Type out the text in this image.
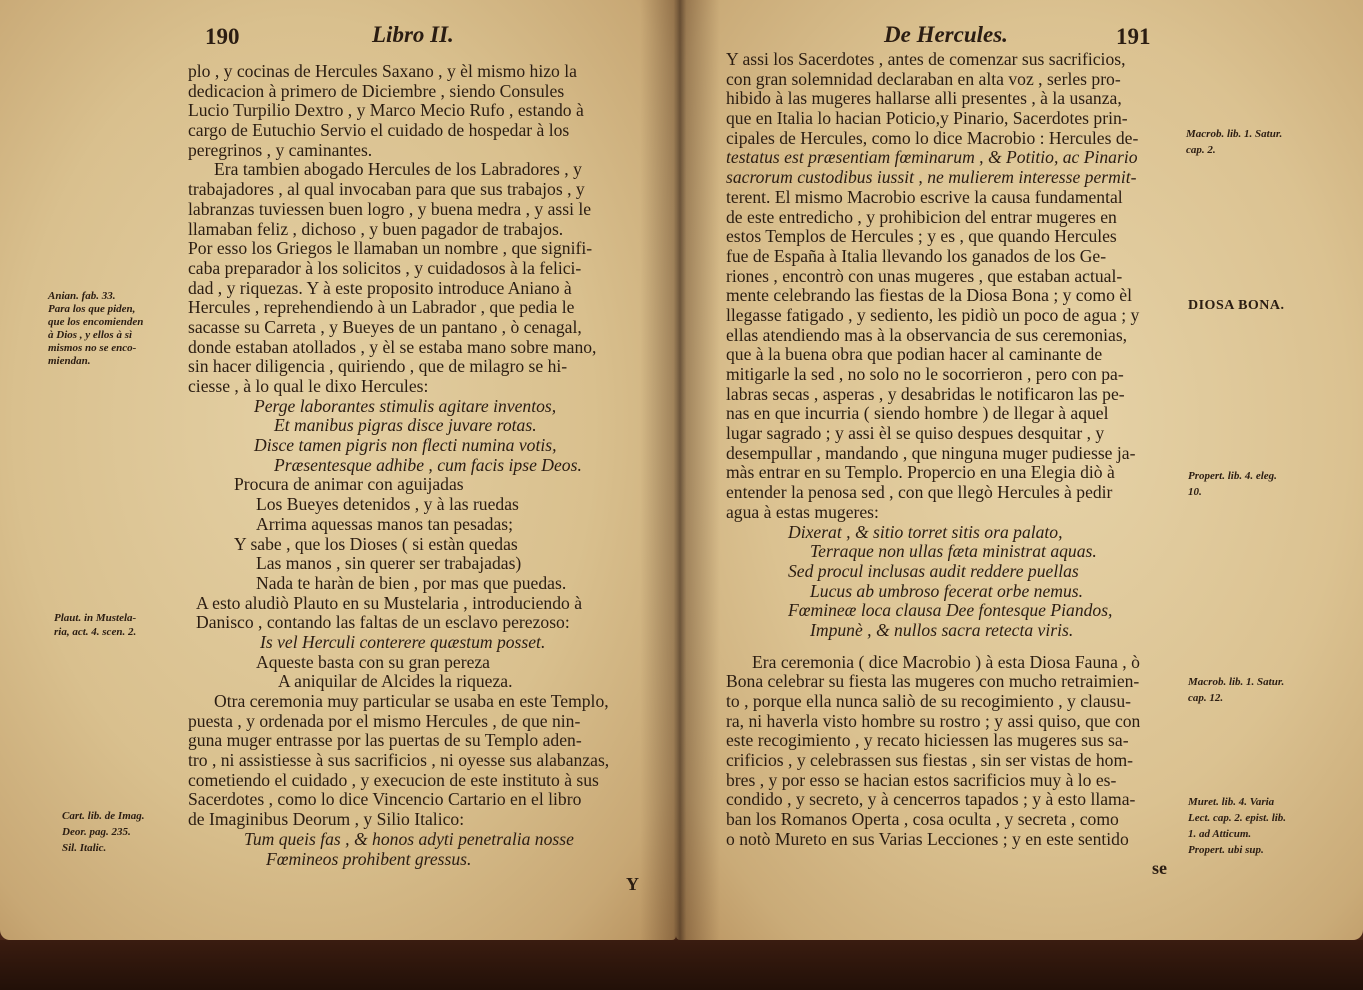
190	Libro II.
plo , y cocinas de Hercules Saxano , y èl mismo hizo la
dedicacion à primero de Diciembre , siendo Consules
Lucio Turpilio Dextro , y Marco Mecio Rufo , estando à
cargo de Eutuchio Servio el cuidado de hospedar à los
peregrinos , y caminantes.
Era tambien abogado Hercules de los Labradores , y
trabajadores , al qual invocaban para que sus trabajos , y
labranzas tuviessen buen logro , y buena medra , y assi le
llamaban feliz , dichoso , y buen pagador de trabajos.
Por esso los Griegos le llamaban un nombre , que signifi-
caba preparador à los solicitos , y cuidadosos à la felici-
dad , y riquezas. Y à este proposito introduce Aniano à
Hercules , reprehendiendo à un Labrador , que pedia le
sacasse su Carreta , y Bueyes de un pantano , ò cenagal,
donde estaban atollados , y èl se estaba mano sobre mano,
sin hacer diligencia , quiriendo , que de milagro se hi-
ciesse , à lo qual le dixo Hercules:
Perge laborantes stimulis agitare inventos,
Et manibus pigras disce juvare rotas.
Disce tamen pigris non flecti numina votis,
Præsentesque adhibe , cum facis ipse Deos.
Procura de animar con aguijadas
Los Bueyes detenidos , y à las ruedas
Arrima aquessas manos tan pesadas;
Y sabe , que los Dioses ( si estàn quedas
Las manos , sin querer ser trabajadas)
Nada te haràn de bien , por mas que puedas.
A esto aludiò Plauto en su Mustelaria , introduciendo à
Danisco , contando las faltas de un esclavo perezoso:
Is vel Herculi conterere quæstum posset.
Aqueste basta con su gran pereza
A aniquilar de Alcides la riqueza.
Otra ceremonia muy particular se usaba en este Templo,
puesta , y ordenada por el mismo Hercules , de que nin-
guna muger entrasse por las puertas de su Templo aden-
tro , ni assistiesse à sus sacrificios , ni oyesse sus alabanzas,
cometiendo el cuidado , y execucion de este instituto à sus
Sacerdotes , como lo dice Vincencio Cartario en el libro
de Imaginibus Deorum , y Silio Italico:
Tum queis fas , & honos adyti penetralia nosse
Fœmineos prohibent gressus.
Y
Anian. fab. 33.
Para los que piden,
que los encomienden
à Dios , y ellos à sì
mismos no se enco-
miendan.
Plaut. in Mustela-
ria, act. 4. scen. 2.
Cart. lib. de Imag.
Deor. pag. 235.
Sil. Italic.
De Hercules.	191
Y assi los Sacerdotes , antes de comenzar sus sacrificios,
con gran solemnidad declaraban en alta voz , serles pro-
hibido à las mugeres hallarse alli presentes , à la usanza,
que en Italia lo hacian Poticio,y Pinario, Sacerdotes prin-
cipales de Hercules, como lo dice Macrobio : Hercules de-
testatus est præsentiam fœminarum , & Potitio, ac Pinario
sacrorum custodibus iussit , ne mulierem interesse permit-
terent. El mismo Macrobio escrive la causa fundamental
de este entredicho , y prohibicion del entrar mugeres en
estos Templos de Hercules ; y es , que quando Hercules
fue de España à Italia llevando los ganados de los Ge-
riones , encontrò con unas mugeres , que estaban actual-
mente celebrando las fiestas de la Diosa Bona ; y como èl
llegasse fatigado , y sediento, les pidiò un poco de agua ; y
ellas atendiendo mas à la observancia de sus ceremonias,
que à la buena obra que podian hacer al caminante de
mitigarle la sed , no solo no le socorrieron , pero con pa-
labras secas , asperas , y desabridas le notificaron las pe-
nas en que incurria ( siendo hombre ) de llegar à aquel
lugar sagrado ; y assi èl se quiso despues desquitar , y
desempullar , mandando , que ninguna muger pudiesse ja-
màs entrar en su Templo. Propercio en una Elegia diò à
entender la penosa sed , con que llegò Hercules à pedir
agua à estas mugeres:
Dixerat , & sitio torret sitis ora palato,
Terraque non ullas fæta ministrat aquas.
Sed procul inclusas audit reddere puellas
Lucus ab umbroso fecerat orbe nemus.
Fœmineæ loca clausa Dee fontesque Piandos,
Impunè , & nullos sacra retecta viris.
Era ceremonia ( dice Macrobio ) à esta Diosa Fauna , ò
Bona celebrar su fiesta las mugeres con mucho retraimien-
to , porque ella nunca saliò de su recogimiento , y clausu-
ra, ni haverla visto hombre su rostro ; y assi quiso, que con
este recogimiento , y recato hiciessen las mugeres sus sa-
crificios , y celebrassen sus fiestas , sin ser vistas de hom-
bres , y por esso se hacian estos sacrificios muy à lo es-
condido , y secreto, y à cencerros tapados ; y à esto llama-
ban los Romanos Operta , cosa oculta , y secreta , como
o notò Mureto en sus Varias Lecciones ; y en este sentido
se
DIOSA BONA.
Macrob. lib. 1. Satur.
cap. 2.
Propert. lib. 4. eleg.
10.
Macrob. lib. 1. Satur.
cap. 12.
Muret. lib. 4. Varia
Lect. cap. 2. epist. lib.
1. ad Atticum.
Propert. ubi sup.
